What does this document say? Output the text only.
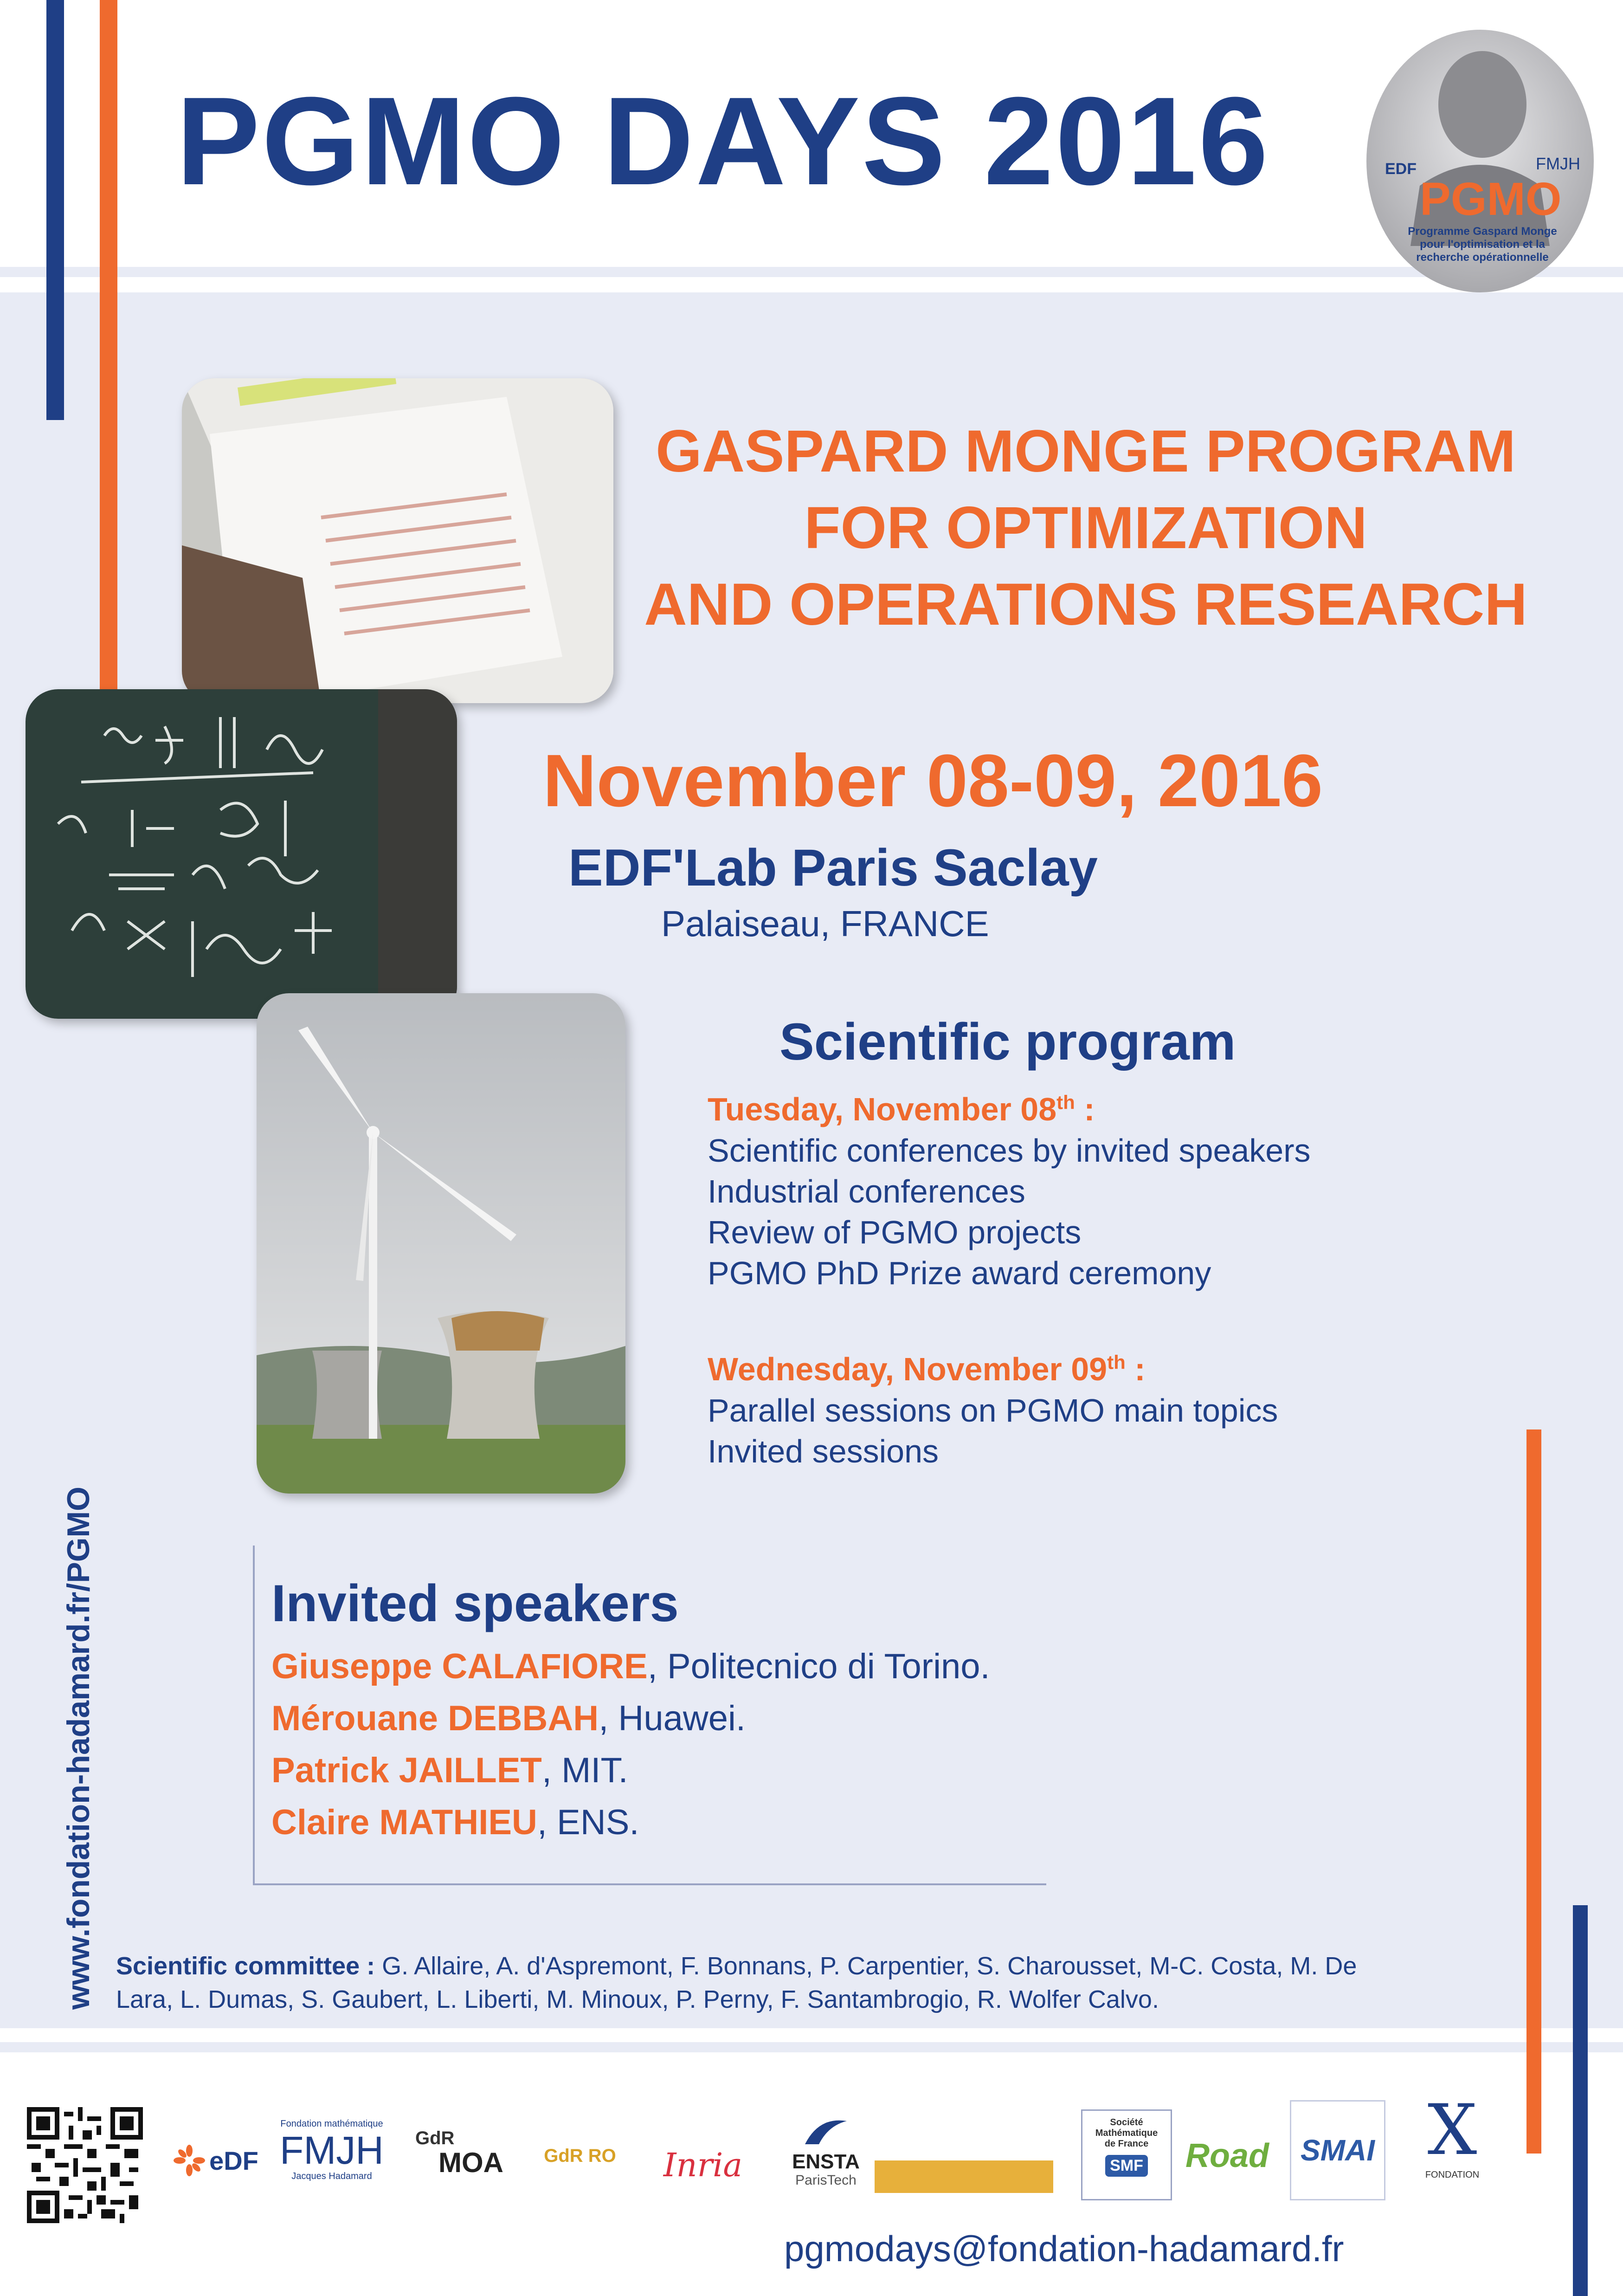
PGMO DAYS 2016	EDF	FMJH
PGMO
Programme Gaspard Monge pour l'optimisation et la recherche opérationnelle
GASPARD MONGE PROGRAM
FOR OPTIMIZATION
AND OPERATIONS RESEARCH
November 08-09, 2016
EDF'Lab Paris Saclay
Palaiseau, FRANCE
Scientific program
Tuesday, November 08th :
Scientific conferences by invited speakers
Industrial conferences
Review of PGMO projects
PGMO PhD Prize award ceremony
Wednesday, November 09th :
Parallel sessions on PGMO main topics
Invited sessions
Invited speakers
Giuseppe CALAFIORE, Politecnico di Torino.
Mérouane DEBBAH, Huawei.
Patrick JAILLET, MIT.
Claire MATHIEU, ENS.
Scientific committee : G. Allaire, A. d'Aspremont, F. Bonnans, P. Carpentier, S. Charousset, M-C. Costa, M. De
Lara, L. Dumas, S. Gaubert, L. Liberti, M. Minoux, P. Perny, F. Santambrogio, R. Wolfer Calvo.
www.fondation-hadamard.fr/PGMO
eDF
Fondation mathématique
FMJH
Jacques Hadamard
GdR
MOA	GdR RO Inria	ENSTA
ParisTech
Société
Mathématique
de France
SMF	Road SMAI X
FONDATION
pgmodays@fondation-hadamard.fr
